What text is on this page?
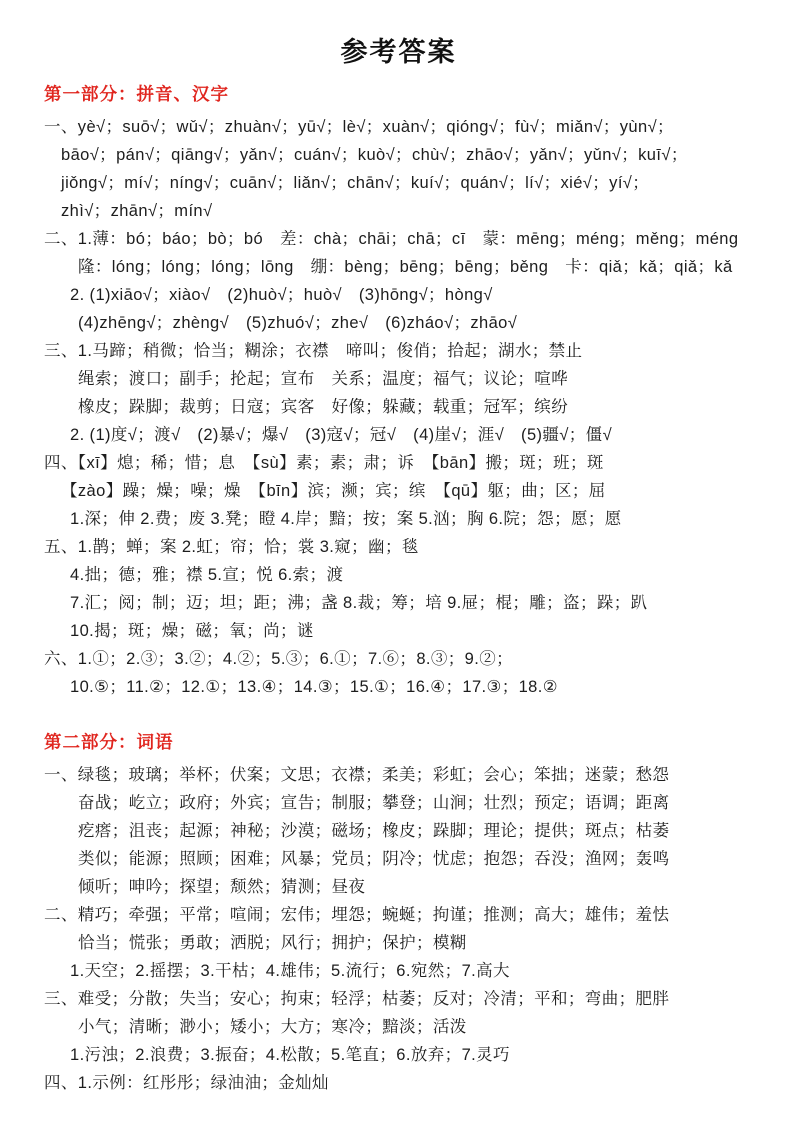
参考答案
第一部分：拼音、汉字
一、yè√；suō√；wǔ√；zhuàn√；yū√；lè√；xuàn√；qióng√；fù√；miǎn√；yùn√；
bāo√；pán√；qiāng√；yǎn√；cuán√；kuò√；chù√；zhāo√；yǎn√；yǔn√；kuī√；
jiǒng√；mí√；níng√；cuān√；liǎn√；chān√；kuí√；quán√；lí√；xié√；yí√；
zhì√；zhān√；mín√
二、1.薄：bó；báo；bò；bó　差：chà；chāi；chā；cī　蒙：mēng；méng；měng；méng
隆：lóng；lóng；lóng；lōng　绷：bèng；bēng；bēng；běng　卡：qiǎ；kǎ；qiǎ；kǎ
2. (1)xiāo√；xiào√　(2)huò√；huò√　(3)hōng√；hòng√
(4)zhēng√；zhèng√　(5)zhuó√；zhe√　(6)zháo√；zhāo√
三、1.马蹄；稍微；恰当；糊涂；衣襟　啼叫；俊俏；拾起；湖水；禁止
绳索；渡口；副手；抡起；宣布　关系；温度；福气；议论；喧哗
橡皮；跺脚；裁剪；日寇；宾客　好像；躲藏；载重；冠军；缤纷
2. (1)度√；渡√　(2)暴√；爆√　(3)寇√；冠√　(4)崖√；涯√　(5)疆√；僵√
四、【xī】熄；稀；惜；息　【sù】素；素；肃；诉　【bān】搬；斑；班；斑
【zào】躁；燥；噪；燥　【bīn】滨；濒；宾；缤　【qū】躯；曲；区；屈
1.深；伸 2.费；废 3.凳；瞪 4.岸；黯；按；案 5.汹；胸 6.院；怨；愿；愿
五、1.鹊；蝉；案 2.虹；帘；恰；裳 3.窥；幽；毯
4.拙；德；雅；襟 5.宣；悦 6.索；渡
7.汇；阅；制；迈；坦；距；沸；盏 8.裁；筹；培 9.屉；棍；雕；盗；跺；趴
10.揭；斑；燥；磁；氧；尚；谜
六、1.①；2.③；3.②；4.②；5.③；6.①；7.⑥；8.③；9.②；
10.⑤；11.②；12.①；13.④；14.③；15.①；16.④；17.③；18.②
第二部分：词语
一、绿毯；玻璃；举杯；伏案；文思；衣襟；柔美；彩虹；会心；笨拙；迷蒙；愁怨
奋战；屹立；政府；外宾；宣告；制服；攀登；山涧；壮烈；预定；语调；距离
疙瘩；沮丧；起源；神秘；沙漠；磁场；橡皮；跺脚；理论；提供；斑点；枯萎
类似；能源；照顾；困难；风暴；党员；阴冷；忧虑；抱怨；吞没；渔网；轰鸣
倾听；呻吟；探望；颓然；猜测；昼夜
二、精巧；牵强；平常；喧闹；宏伟；埋怨；蜿蜒；拘谨；推测；高大；雄伟；羞怯
恰当；慌张；勇敢；洒脱；风行；拥护；保护；模糊
1.天空；2.摇摆；3.干枯；4.雄伟；5.流行；6.宛然；7.高大
三、难受；分散；失当；安心；拘束；轻浮；枯萎；反对；冷清；平和；弯曲；肥胖
小气；清晰；渺小；矮小；大方；寒冷；黯淡；活泼
1.污浊；2.浪费；3.振奋；4.松散；5.笔直；6.放弃；7.灵巧
四、1.示例：红彤彤；绿油油；金灿灿
